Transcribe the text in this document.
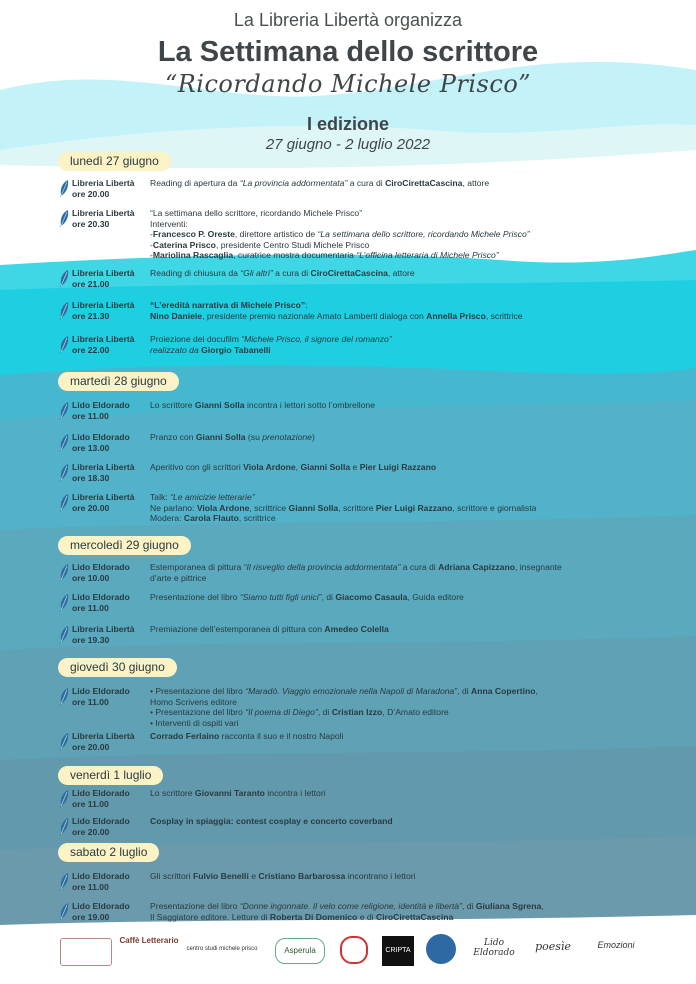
La Libreria Libertà organizza
La Settimana dello scrittore
“Ricordando Michele Prisco”
I edizione
27 giugno - 2 luglio 2022
lunedì 27 giugno
Libreria Libertà
ore 20.00
Reading di apertura da “La provincia addormentata” a cura di CiroCirettaCascina, attore
Libreria Libertà
ore 20.30
“La settimana dello scrittore, ricordando Michele Prisco”
Interventi:
-Francesco P. Oreste, direttore artistico de “La settimana dello scrittore, ricordando Michele Prisco”
-Caterina Prisco, presidente Centro Studi Michele Prisco
-Mariolina Rascaglia, curatrice mostra documentaria “L’officina letteraria di Michele Prisco”
Libreria Libertà
ore 21.00
Reading di chiusura da “Gli altri” a cura di CiroCirettaCascina, attore
Libreria Libertà
ore 21.30
“L’eredità narrativa di Michele Prisco”:
Nino Daniele, presidente premio nazionale Amato Lamberti dialoga con Annella Prisco, scrittrice
Libreria Libertà
ore 22.00
Proiezione del docufilm “Michele Prisco, il signore del romanzo”
realizzato da Giorgio Tabanelli
martedì 28 giugno
Lido Eldorado
ore 11.00
Lo scrittore Gianni Solla incontra i lettori sotto l’ombrellone
Lido Eldorado
ore 13.00
Pranzo con Gianni Solla (su prenotazione)
Libreria Libertà
ore 18.30
Aperitivo con gli scrittori Viola Ardone, Gianni Solla e Pier Luigi Razzano
Libreria Libertà
ore 20.00
Talk: “Le amicizie letterarie”
Ne parlano: Viola Ardone, scrittrice Gianni Solla, scrittore Pier Luigi Razzano, scrittore e giornalista
Modera: Carola Flauto, scrittrice
mercoledì 29 giugno
Lido Eldorado
ore 10.00
Estemporanea di pittura “Il risveglio della provincia addormentata” a cura di Adriana Capizzano, insegnante
d’arte e pittrice
Lido Eldorado
ore 11.00
Presentazione del libro “Siamo tutti figli unici”, di Giacomo Casaula, Guida editore
Libreria Libertà
ore 19.30
Premiazione dell’estemporanea di pittura con Amedeo Colella
giovedì 30 giugno
Lido Eldorado
ore 11.00
• Presentazione del libro “Maradò. Viaggio emozionale nella Napoli di Maradona”, di Anna Copertino,
Homo Scrivens editore
• Presentazione del libro “Il poema di Diego”, di Cristian Izzo, D’Amato editore
• Interventi di ospiti vari
Libreria Libertà
ore 20.00
Corrado Ferlaino racconta il suo e il nostro Napoli
venerdì 1 luglio
Lido Eldorado
ore 11.00
Lo scrittore Giovanni Taranto incontra i lettori
Lido Eldorado
ore 20.00
Cosplay in spiaggia: contest cosplay e concerto coverband
sabato 2 luglio
Lido Eldorado
ore 11.00
Gli scrittori Fulvio Benelli e Cristiano Barbarossa incontrano i lettori
Lido Eldorado
ore 19.00
Presentazione del libro “Donne ingonnate. Il velo come religione, identità e libertà”, di Giuliana Sgrena,
Il Saggiatore editore. Letture di Roberta Di Domenico e di CiroCirettaCascina
Caffè Letterario
centro studi michele prisco	Asperula	CRIPTA
Lido Eldorado	poesìe	Emozioni
